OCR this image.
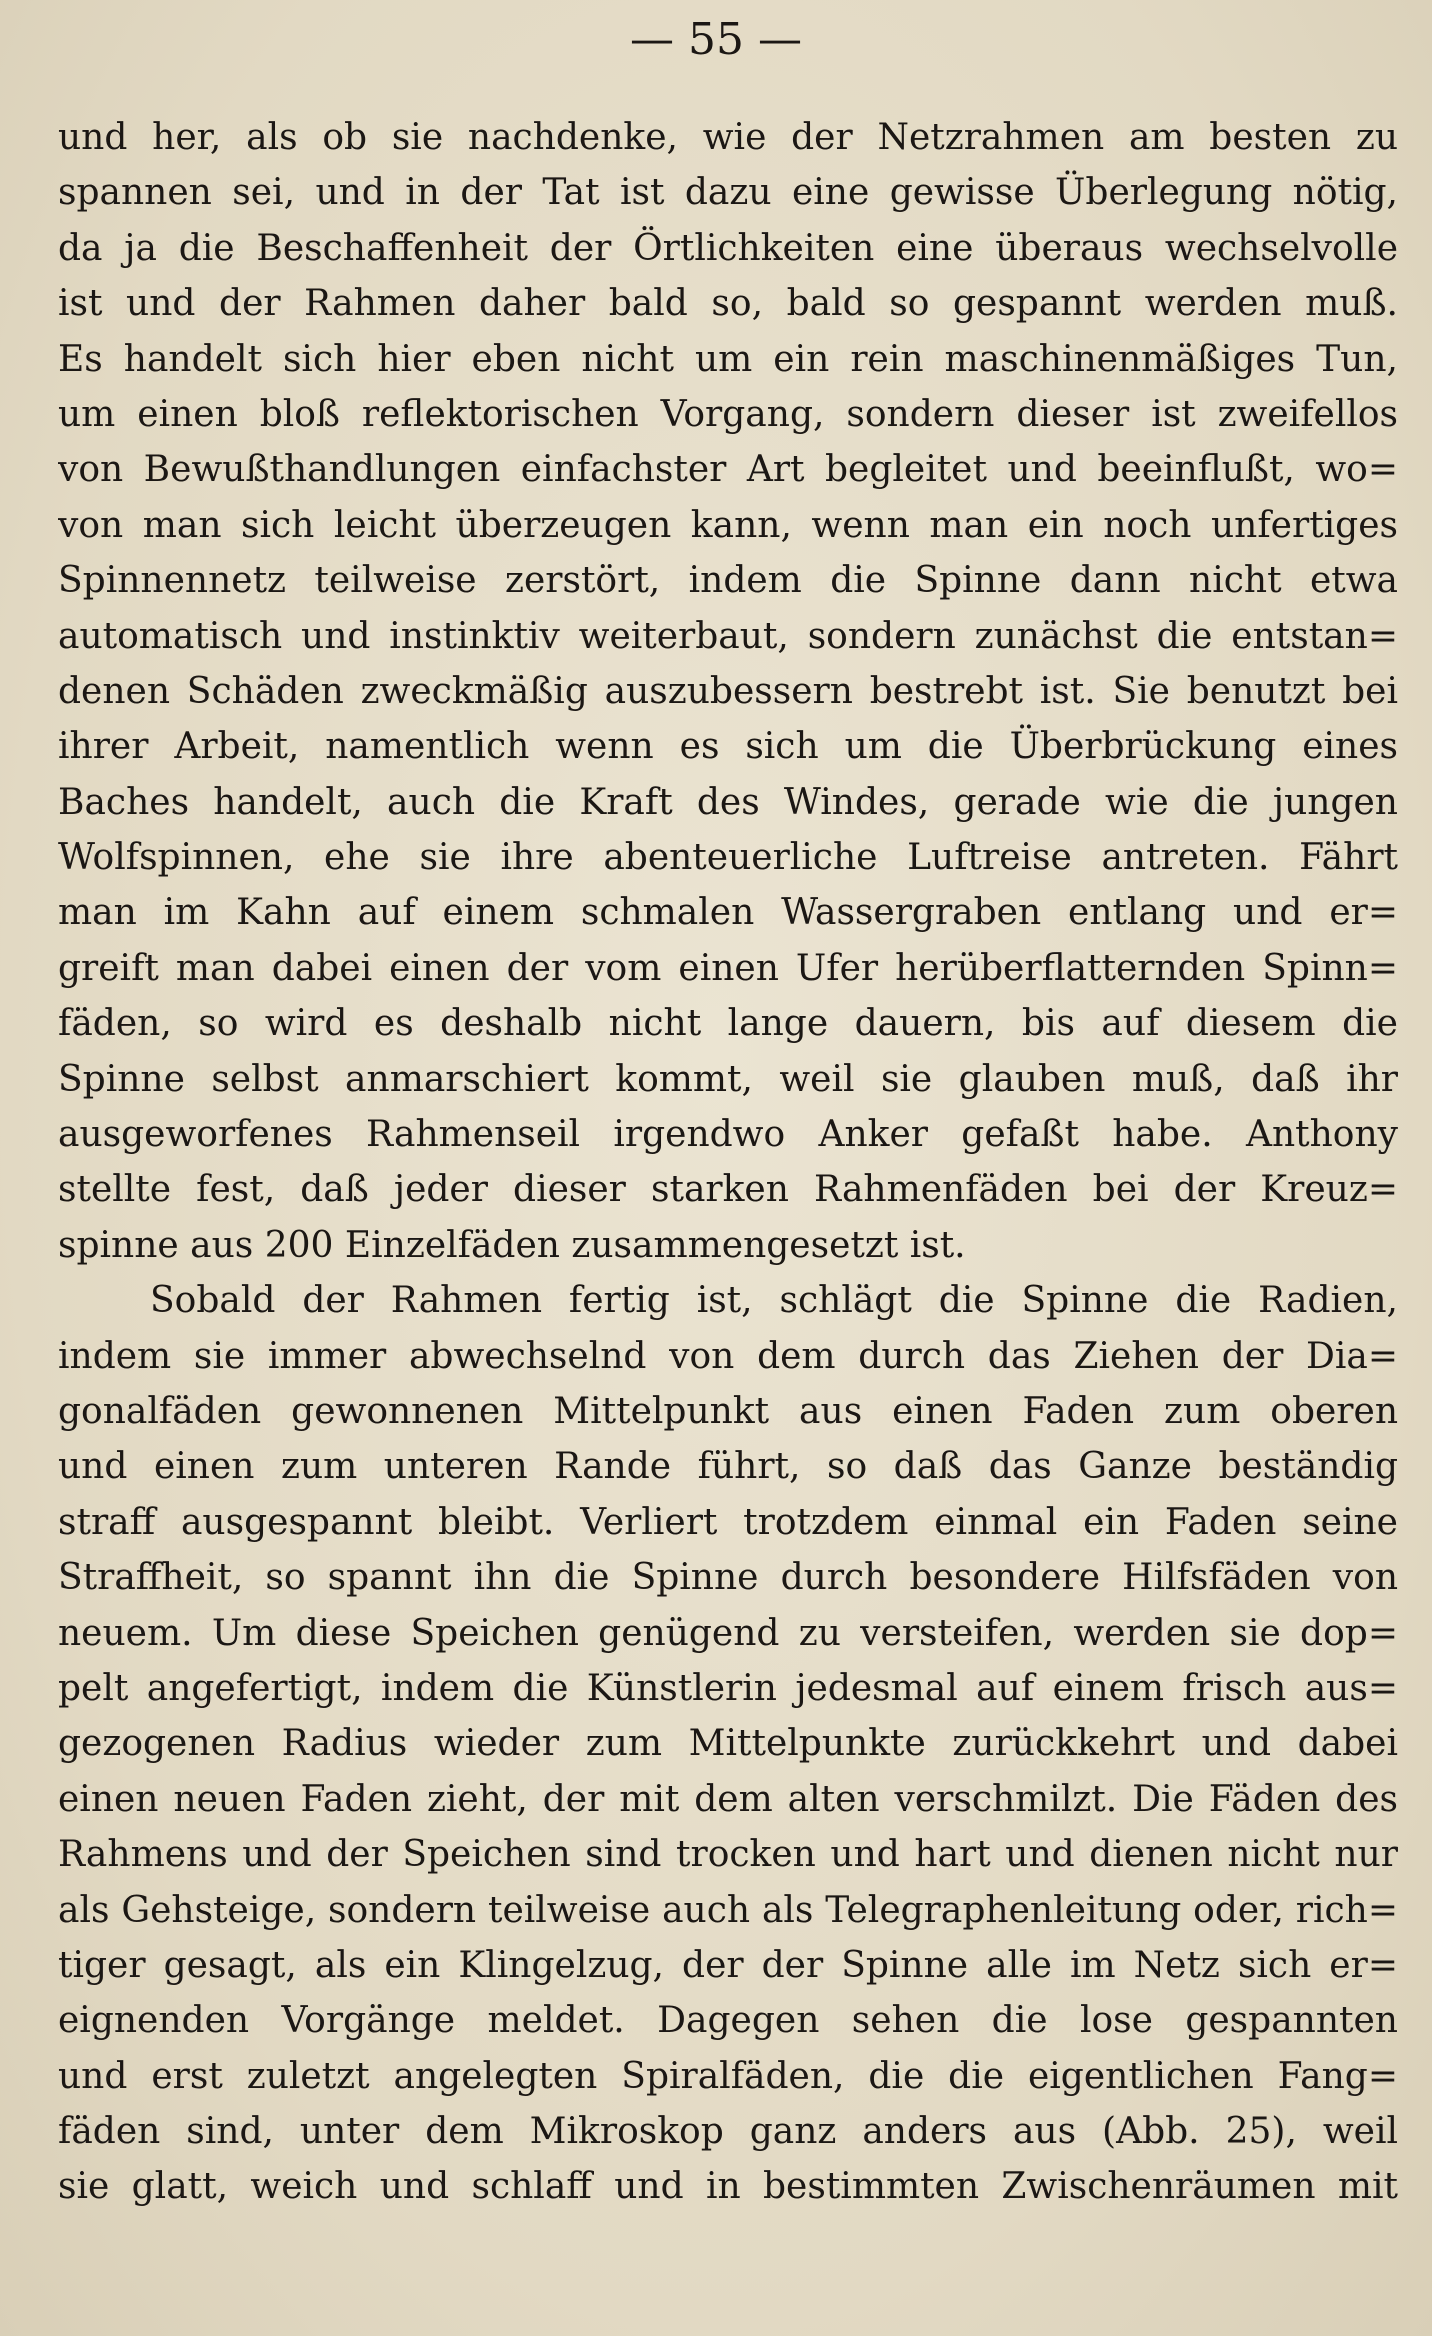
— 55 —
und her, als ob sie nachdenke, wie der Netzrahmen am besten zu
spannen sei, und in der Tat ist dazu eine gewisse Überlegung nötig,
da ja die Beschaffenheit der Örtlichkeiten eine überaus wechselvolle
ist und der Rahmen daher bald so, bald so gespannt werden muß.
Es handelt sich hier eben nicht um ein rein maschinenmäßiges Tun,
um einen bloß reflektorischen Vorgang, sondern dieser ist zweifellos
von Bewußthandlungen einfachster Art begleitet und beeinflußt, wo=
von man sich leicht überzeugen kann, wenn man ein noch unfertiges
Spinnennetz teilweise zerstört, indem die Spinne dann nicht etwa
automatisch und instinktiv weiterbaut, sondern zunächst die entstan=
denen Schäden zweckmäßig auszubessern bestrebt ist. Sie benutzt bei
ihrer Arbeit, namentlich wenn es sich um die Überbrückung eines
Baches handelt, auch die Kraft des Windes, gerade wie die jungen
Wolfspinnen, ehe sie ihre abenteuerliche Luftreise antreten. Fährt
man im Kahn auf einem schmalen Wassergraben entlang und er=
greift man dabei einen der vom einen Ufer herüberflatternden Spinn=
fäden, so wird es deshalb nicht lange dauern, bis auf diesem die
Spinne selbst anmarschiert kommt, weil sie glauben muß, daß ihr
ausgeworfenes Rahmenseil irgendwo Anker gefaßt habe. Anthony
stellte fest, daß jeder dieser starken Rahmenfäden bei der Kreuz=
spinne aus 200 Einzelfäden zusammengesetzt ist.
Sobald der Rahmen fertig ist, schlägt die Spinne die Radien,
indem sie immer abwechselnd von dem durch das Ziehen der Dia=
gonalfäden gewonnenen Mittelpunkt aus einen Faden zum oberen
und einen zum unteren Rande führt, so daß das Ganze beständig
straff ausgespannt bleibt. Verliert trotzdem einmal ein Faden seine
Straffheit, so spannt ihn die Spinne durch besondere Hilfsfäden von
neuem. Um diese Speichen genügend zu versteifen, werden sie dop=
pelt angefertigt, indem die Künstlerin jedesmal auf einem frisch aus=
gezogenen Radius wieder zum Mittelpunkte zurückkehrt und dabei
einen neuen Faden zieht, der mit dem alten verschmilzt. Die Fäden des
Rahmens und der Speichen sind trocken und hart und dienen nicht nur
als Gehsteige, sondern teilweise auch als Telegraphenleitung oder, rich=
tiger gesagt, als ein Klingelzug, der der Spinne alle im Netz sich er=
eignenden Vorgänge meldet. Dagegen sehen die lose gespannten
und erst zuletzt angelegten Spiralfäden, die die eigentlichen Fang=
fäden sind, unter dem Mikroskop ganz anders aus (Abb. 25), weil
sie glatt, weich und schlaff und in bestimmten Zwischenräumen mit
